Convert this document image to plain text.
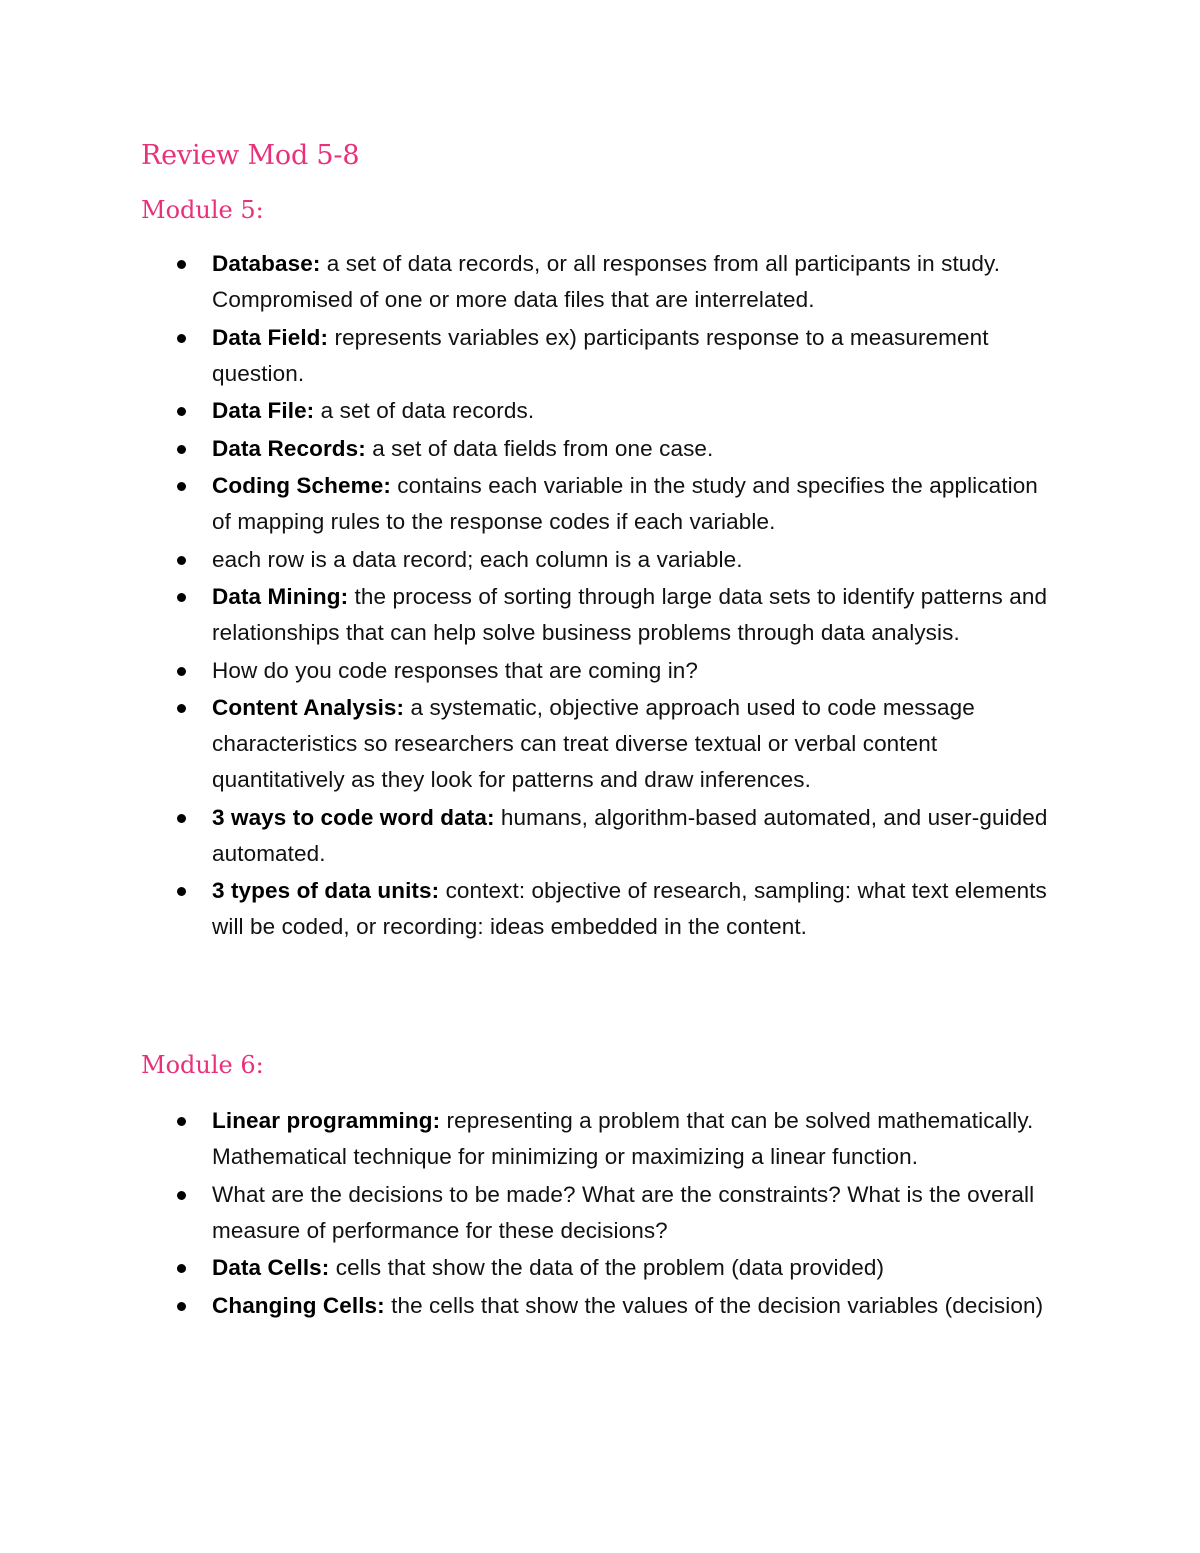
Review Mod 5-8
Module 5:
Database: a set of data records, or all responses from all participants in study. Compromised of one or more data files that are interrelated.
Data Field: represents variables ex) participants response to a measurement question.
Data File: a set of data records.
Data Records: a set of data fields from one case.
Coding Scheme: contains each variable in the study and specifies the application of mapping rules to the response codes if each variable.
each row is a data record; each column is a variable.
Data Mining: the process of sorting through large data sets to identify patterns and relationships that can help solve business problems through data analysis.
How do you code responses that are coming in?
Content Analysis: a systematic, objective approach used to code message characteristics so researchers can treat diverse textual or verbal content quantitatively as they look for patterns and draw inferences.
3 ways to code word data: humans, algorithm-based automated, and user-guided automated.
3 types of data units: context: objective of research, sampling: what text elements will be coded, or recording: ideas embedded in the content.
Module 6:
Linear programming: representing a problem that can be solved mathematically. Mathematical technique for minimizing or maximizing a linear function.
What are the decisions to be made? What are the constraints? What is the overall measure of performance for these decisions?
Data Cells: cells that show the data of the problem (data provided)
Changing Cells: the cells that show the values of the decision variables (decision)
